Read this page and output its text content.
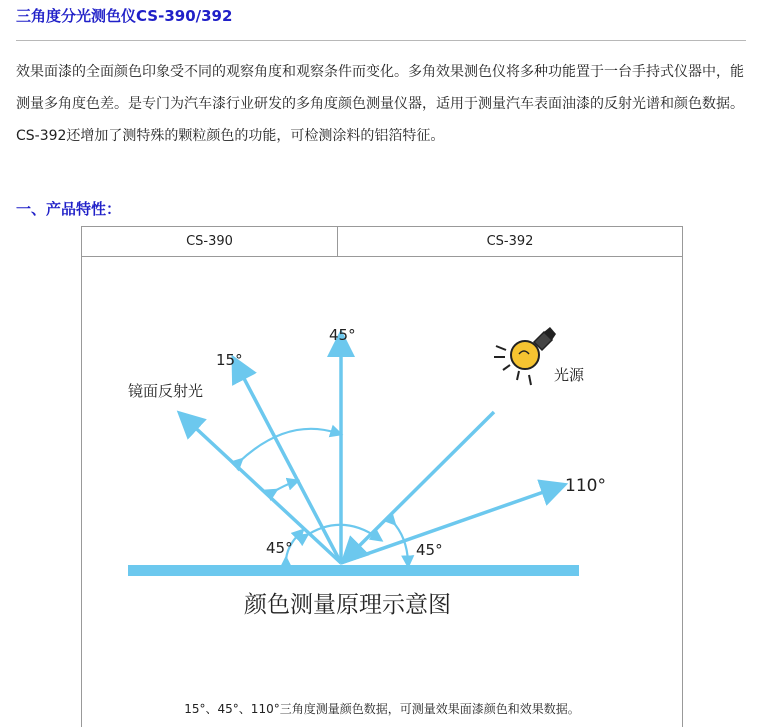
三角度分光测色仪CS-390/392

效果面漆的全面颜色印象受不同的观察角度和观察条件而变化。多角效果测色仪将多种功能置于一台手持式仪器中，能测量多角度色差。是专门为汽车漆行业研发的多角度颜色测量仪器，适用于测量汽车表面油漆的反射光谱和颜色数据。

CS-392还增加了测特殊的颗粒颜色的功能，可检测涂料的铝箔特征。

一、产品特性：
CS-390	CS-392
45°
15°
镜面反射光
光源
110°
45°	45°
颜色测量原理示意图
15°、45°、110°三角度测量颜色数据，可测量效果面漆颜色和效果数据。
